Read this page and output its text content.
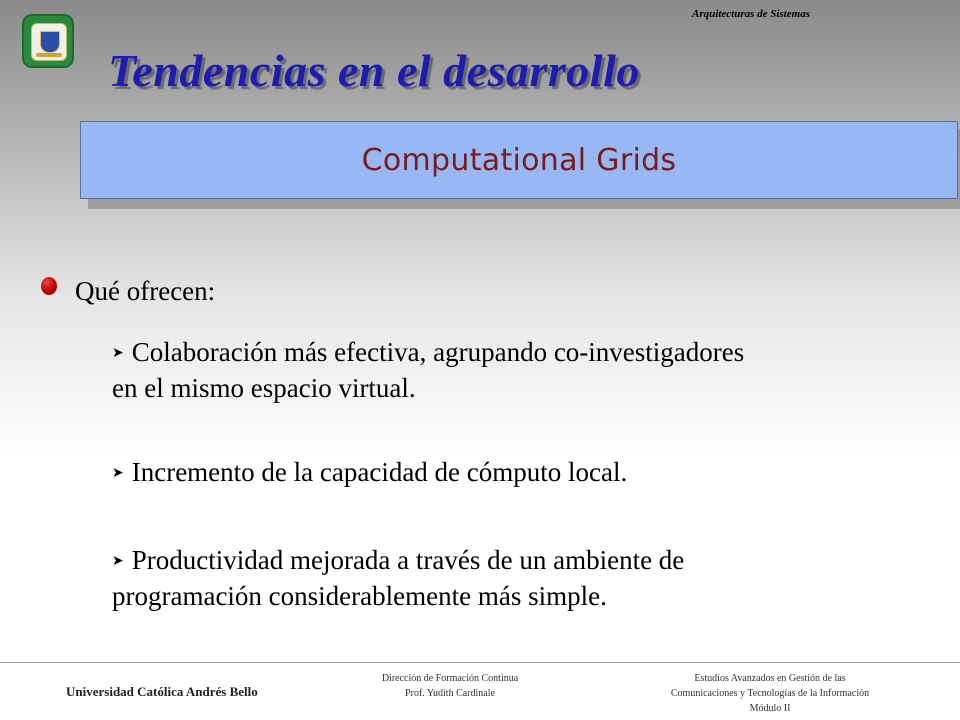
Arquitecturas de Sistemas
Tendencias en el desarrollo
Computational Grids
Qué ofrecen:
➤ Colaboración más efectiva, agrupando co-investigadores
en el mismo espacio virtual.
➤ Incremento de la capacidad de cómputo local.
➤ Productividad mejorada a través de un ambiente de
programación considerablemente más simple.
Universidad Católica Andrés Bello
Dirección de Formación Continua
Prof. Yudith Cardinale
Estudios Avanzados en Gestión de las
Comunicaciones y Tecnologías de la Información
Módulo II
